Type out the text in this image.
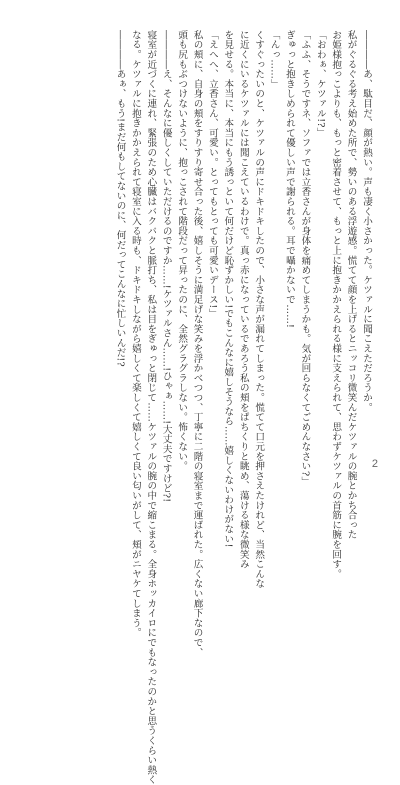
――――あ、駄目だ、顔が熱い。声も凄く小さかった。ケツァルに聞こえただろうか。
私がぐるぐる考え始めた所で、勢いのある浮遊感。慌てて顔を上げるとニッコリ微笑んだケツァルの腕とかち合った
お姫様抱っこよりも、もっと密着させて、もっと上に抱きかかえられる様に支えられて、思わずケツァルの首筋に腕を回す。
「おわぁ、ケツァル!?」
「ふふ、そうですネ、ソファでは立香さんが身体を痛めてしまうかも。気が回らなくてごめんなさい?」
ぎゅっと抱きしめられて優しい声で謝られる。耳で囁かないで……!
「んっ……」
くすぐったいのと、ケツァルの声にドキドキしたので、小さな声が漏れてしまった。慌てて口元を押さえたけれど、当然こんな
に近くにいるケツァルには聞こえているわけで。真っ赤になっているであろう私の頬をぱちくりと眺め、蕩ける様な微笑み
を見せる。本当に、本当にもう誘っといて何だけど恥ずかしい!でもこんなに嬉しそうなら……嬉しくないわけがない!
「えへへ、立香さん、可愛い。とってもとっても可愛いデース!」
私の頬に、自身の頬をすりすり寄せ合った後、嬉しそうに満足げな笑みを浮かべつつ、丁寧に二階の寝室まで運ばれた。広くない廊下なので、
頭も尻もぶつけないように、抱っこされて階段だって昇ったのに、全然グラグラしない。怖くない。
――――え、そんなに優しくしていただけるのですか……!ケツァルさん……!ひゃぁ……!大丈夫ですけど?!
寝室が近づくに連れ、緊張のため心臓はバクバクと脈打ち、私は目をぎゅっと閉じて……ケツァルの腕の中で縮こまる。全身ホッカイロにでもなったのかと思うくらい熱く
なる。ケツァルに抱きかかえられて寝室に入る時も、ドキドキしながら嬉しくて楽しくて嬉しくて良い匂いがして、頬がニヤケてしまう。
――――あぁ、もう!まだ何もしてないのに、何だってこんなに忙しいんだ!?
2
